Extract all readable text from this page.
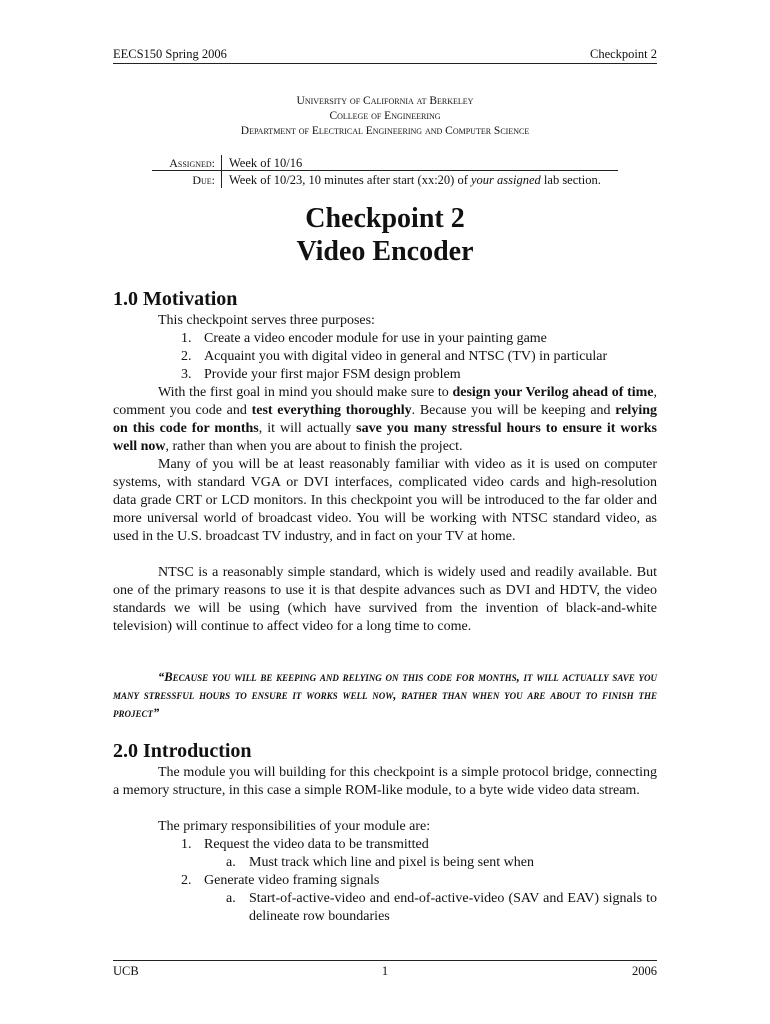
EECS150 Spring 2006	Checkpoint 2
University of California at Berkeley
College of Engineering
Department of Electrical Engineering and Computer Science
Assigned: Week of 10/16
Due: Week of 10/23, 10 minutes after start (xx:20) of your assigned lab section.
Checkpoint 2
Video Encoder
1.0 Motivation
This checkpoint serves three purposes:
1. Create a video encoder module for use in your painting game
2. Acquaint you with digital video in general and NTSC (TV) in particular
3. Provide your first major FSM design problem
With the first goal in mind you should make sure to design your Verilog ahead of time, comment you code and test everything thoroughly. Because you will be keeping and relying on this code for months, it will actually save you many stressful hours to ensure it works well now, rather than when you are about to finish the project.
Many of you will be at least reasonably familiar with video as it is used on computer systems, with standard VGA or DVI interfaces, complicated video cards and high-resolution data grade CRT or LCD monitors. In this checkpoint you will be introduced to the far older and more universal world of broadcast video. You will be working with NTSC standard video, as used in the U.S. broadcast TV industry, and in fact on your TV at home.
NTSC is a reasonably simple standard, which is widely used and readily available. But one of the primary reasons to use it is that despite advances such as DVI and HDTV, the video standards we will be using (which have survived from the invention of black-and-white television) will continue to affect video for a long time to come.
“Because you will be keeping and relying on this code for months, it will actually save you many stressful hours to ensure it works well now, rather than when you are about to finish the project”
2.0 Introduction
The module you will building for this checkpoint is a simple protocol bridge, connecting a memory structure, in this case a simple ROM-like module, to a byte wide video data stream.
The primary responsibilities of your module are:
1. Request the video data to be transmitted
a. Must track which line and pixel is being sent when
2. Generate video framing signals
a. Start-of-active-video and end-of-active-video (SAV and EAV) signals to delineate row boundaries
UCB	1	2006
